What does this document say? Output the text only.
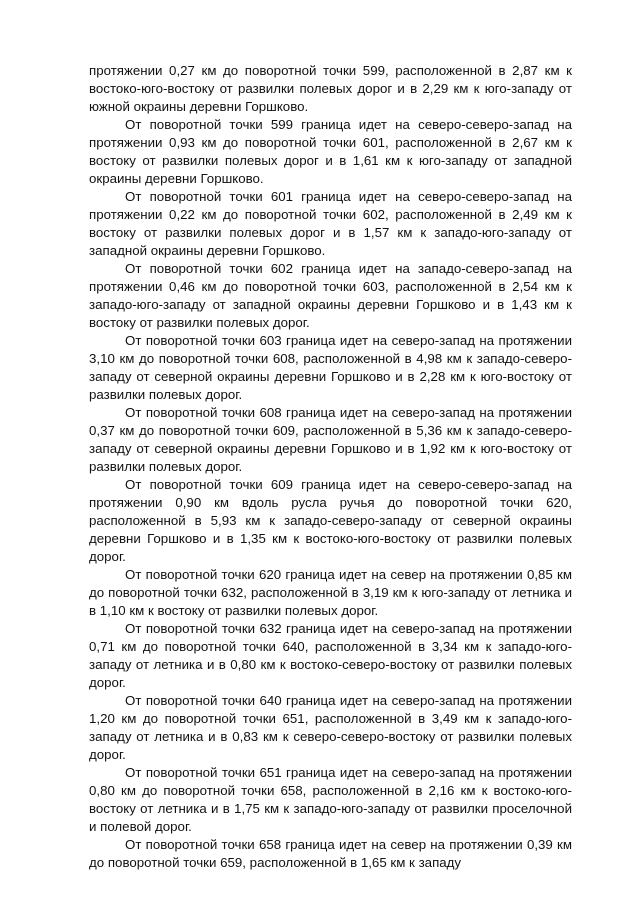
протяжении 0,27 км до поворотной точки 599, расположенной в 2,87 км к востоко-юго-востоку от развилки полевых дорог и в 2,29 км к юго-западу от южной окраины деревни Горшково.

От поворотной точки 599 граница идет на северо-северо-запад на протяжении 0,93 км до поворотной точки 601, расположенной в 2,67 км к востоку от развилки полевых дорог и в 1,61 км к юго-западу от западной окраины деревни Горшково.

От поворотной точки 601 граница идет на северо-северо-запад на протяжении 0,22 км до поворотной точки 602, расположенной в 2,49 км к востоку от развилки полевых дорог и в 1,57 км к западо-юго-западу от западной окраины деревни Горшково.

От поворотной точки 602 граница идет на западо-северо-запад на протяжении 0,46 км до поворотной точки 603, расположенной в 2,54 км к западо-юго-западу от западной окраины деревни Горшково и в 1,43 км к востоку от развилки полевых дорог.

От поворотной точки 603 граница идет на северо-запад на протяжении 3,10 км до поворотной точки 608, расположенной в 4,98 км к западо-северо-западу от северной окраины деревни Горшково и в 2,28 км к юго-востоку от развилки полевых дорог.

От поворотной точки 608 граница идет на северо-запад на протяжении 0,37 км до поворотной точки 609, расположенной в 5,36 км к западо-северо-западу от северной окраины деревни Горшково и в 1,92 км к юго-востоку от развилки полевых дорог.

От поворотной точки 609 граница идет на северо-северо-запад на протяжении 0,90 км вдоль русла ручья до поворотной точки 620, расположенной в 5,93 км к западо-северо-западу от северной окраины деревни Горшково и в 1,35 км к востоко-юго-востоку от развилки полевых дорог.

От поворотной точки 620 граница идет на север на протяжении 0,85 км до поворотной точки 632, расположенной в 3,19 км к юго-западу от летника и в 1,10 км к востоку от развилки полевых дорог.

От поворотной точки 632 граница идет на северо-запад на протяжении 0,71 км до поворотной точки 640, расположенной в 3,34 км к западо-юго-западу от летника и в 0,80 км к востоко-северо-востоку от развилки полевых дорог.

От поворотной точки 640 граница идет на северо-запад на протяжении 1,20 км до поворотной точки 651, расположенной в 3,49 км к западо-юго-западу от летника и в 0,83 км к северо-северо-востоку от развилки полевых дорог.

От поворотной точки 651 граница идет на северо-запад на протяжении 0,80 км до поворотной точки 658, расположенной в 2,16 км к востоко-юго-востоку от летника и в 1,75 км к западо-юго-западу от развилки проселочной и полевой дорог.

От поворотной точки 658 граница идет на север на протяжении 0,39 км до поворотной точки 659, расположенной в 1,65 км к западу
